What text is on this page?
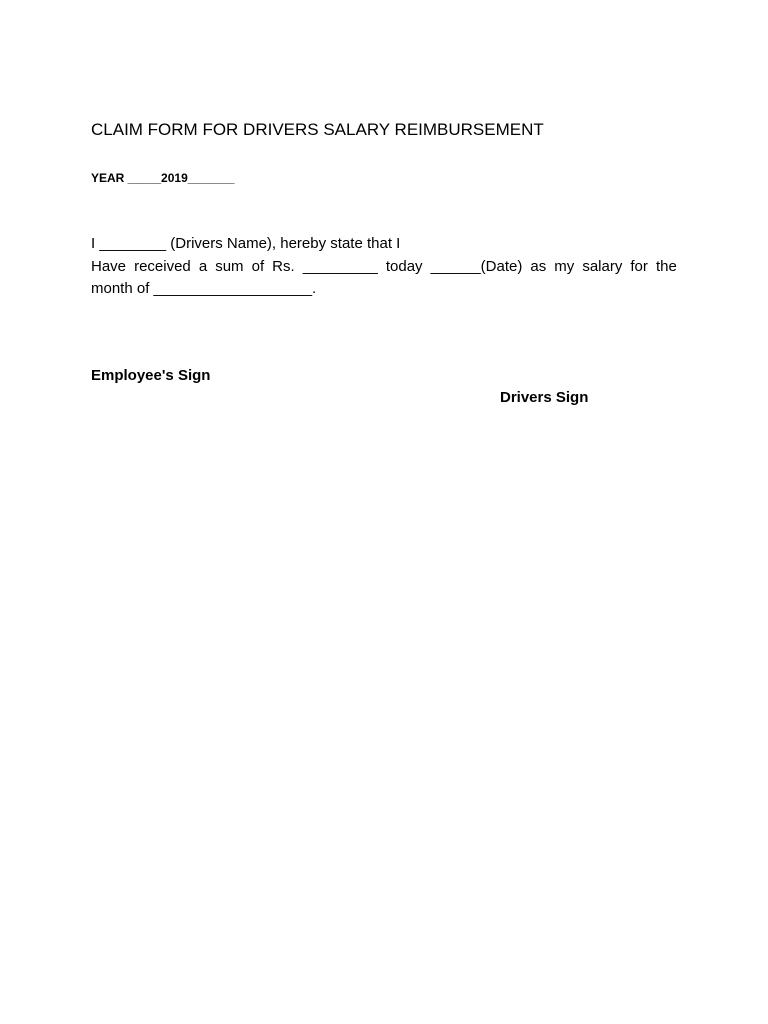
CLAIM FORM FOR DRIVERS SALARY REIMBURSEMENT
YEAR _____2019_______
I ________ (Drivers Name), hereby state that I
Have received a sum of Rs. _________ today ______(Date) as my salary for the
month of ___________________.
Employee's Sign
Drivers Sign
